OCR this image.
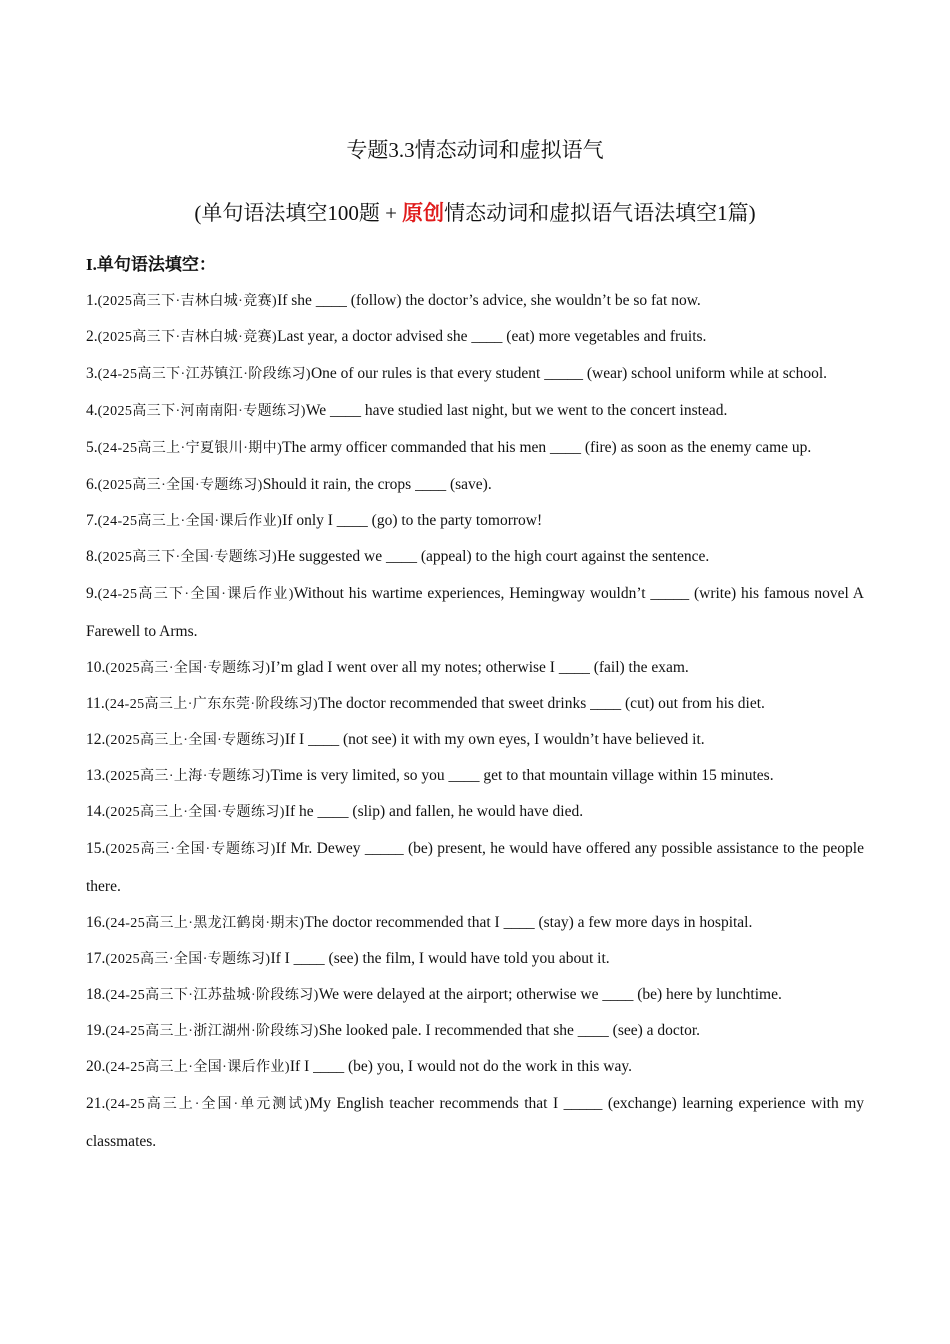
专题3.3情态动词和虚拟语气
(单句语法填空100题 + 原创情态动词和虚拟语气语法填空1篇)
I.单句语法填空：

1.(2025高三下·吉林白城·竞赛)If she ____ (follow) the doctor’s advice, she wouldn’t be so fat now.

2.(2025高三下·吉林白城·竞赛)Last year, a doctor advised she ____ (eat) more vegetables and fruits.

3.(24-25高三下·江苏镇江·阶段练习)One of our rules is that every student _____ (wear) school uniform while at school.

4.(2025高三下·河南南阳·专题练习)We ____ have studied last night, but we went to the concert instead.

5.(24-25高三上·宁夏银川·期中)The army officer commanded that his men ____ (fire) as soon as the enemy came up.

6.(2025高三·全国·专题练习)Should it rain, the crops ____ (save).

7.(24-25高三上·全国·课后作业)If only I ____ (go) to the party tomorrow!

8.(2025高三下·全国·专题练习)He suggested we ____ (appeal) to the high court against the sentence.

9.(24-25高三下·全国·课后作业)Without his wartime experiences, Hemingway wouldn’t _____ (write) his famous novel A Farewell to Arms.

10.(2025高三·全国·专题练习)I’m glad I went over all my notes; otherwise I ____ (fail) the exam.

11.(24-25高三上·广东东莞·阶段练习)The doctor recommended that sweet drinks ____ (cut) out from his diet.

12.(2025高三上·全国·专题练习)If I ____ (not see) it with my own eyes, I wouldn’t have believed it.

13.(2025高三·上海·专题练习)Time is very limited, so you ____ get to that mountain village within 15 minutes.

14.(2025高三上·全国·专题练习)If he ____ (slip) and fallen, he would have died.

15.(2025高三·全国·专题练习)If Mr. Dewey _____ (be) present, he would have offered any possible assistance to the people there.

16.(24-25高三上·黑龙江鹤岗·期末)The doctor recommended that I ____ (stay) a few more days in hospital.

17.(2025高三·全国·专题练习)If I ____ (see) the film, I would have told you about it.

18.(24-25高三下·江苏盐城·阶段练习)We were delayed at the airport; otherwise we ____ (be) here by lunchtime.

19.(24-25高三上·浙江湖州·阶段练习)She looked pale. I recommended that she ____ (see) a doctor.

20.(24-25高三上·全国·课后作业)If I ____ (be) you, I would not do the work in this way.

21.(24-25高三上·全国·单元测试)My English teacher recommends that I _____ (exchange) learning experience with my classmates.
